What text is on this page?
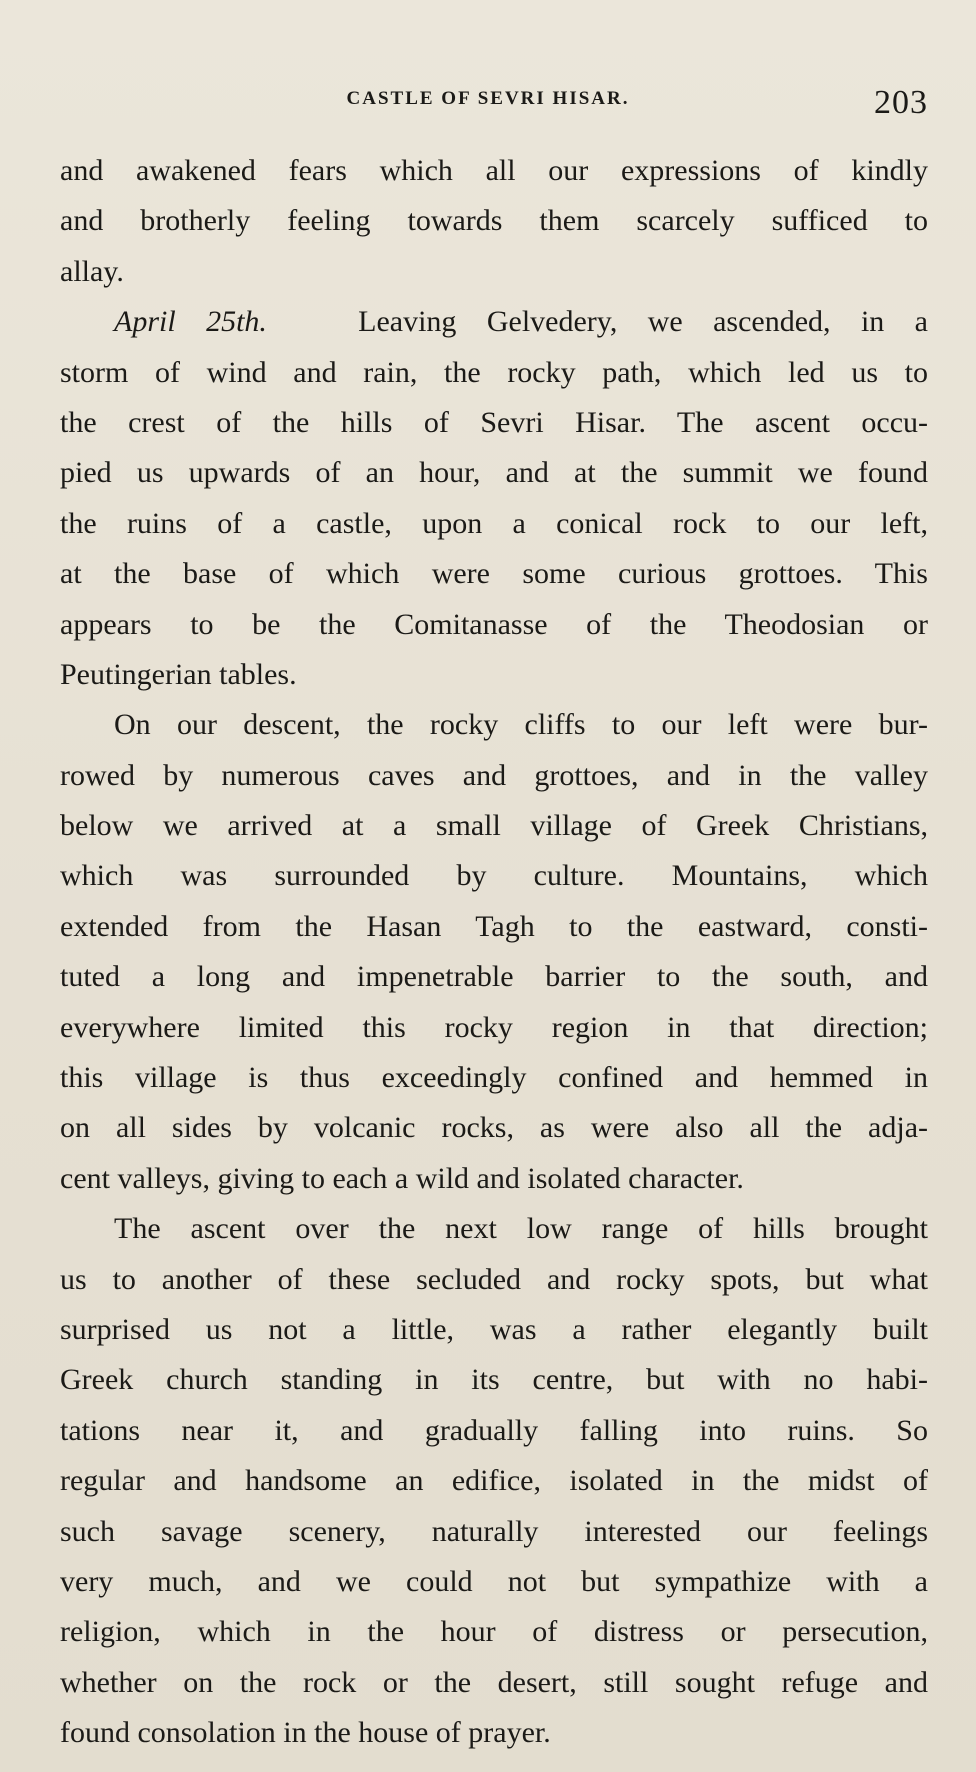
CASTLE OF SEVRI HISAR.	203
and awakened fears which all our expressions of kindly
and brotherly feeling towards them scarcely sufficed to
allay.
April 25th.	Leaving Gelvedery, we ascended, in a
storm of wind and rain, the rocky path, which led us to
the crest of the hills of Sevri Hisar. The ascent occu-
pied us upwards of an hour, and at the summit we found
the ruins of a castle, upon a conical rock to our left,
at the base of which were some curious grottoes. This
appears to be the Comitanasse of the Theodosian or
Peutingerian tables.
On our descent, the rocky cliffs to our left were bur-
rowed by numerous caves and grottoes, and in the valley
below we arrived at a small village of Greek Christians,
which was surrounded by culture. Mountains, which
extended from the Hasan Tagh to the eastward, consti-
tuted a long and impenetrable barrier to the south, and
everywhere limited this rocky region in that direction;
this village is thus exceedingly confined and hemmed in
on all sides by volcanic rocks, as were also all the adja-
cent valleys, giving to each a wild and isolated character.
The ascent over the next low range of hills brought
us to another of these secluded and rocky spots, but what
surprised us not a little, was a rather elegantly built
Greek church standing in its centre, but with no habi-
tations near it, and gradually falling into ruins. So
regular and handsome an edifice, isolated in the midst of
such savage scenery, naturally interested our feelings
very much, and we could not but sympathize with a
religion, which in the hour of distress or persecution,
whether on the rock or the desert, still sought refuge and
found consolation in the house of prayer.
